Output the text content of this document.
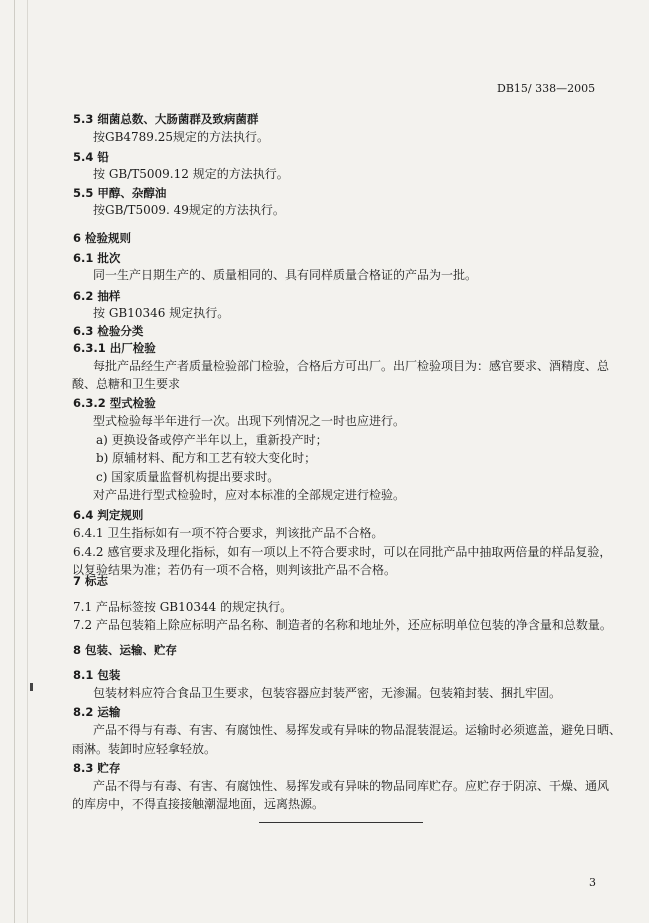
DB15/ 338—2005
5.3 细菌总数、大肠菌群及致病菌群
按GB4789.25规定的方法执行。
5.4 铅
按 GB/T5009.12 规定的方法执行。
5.5 甲醇、杂醇油
按GB/T5009. 49规定的方法执行。
6 检验规则
6.1 批次
同一生产日期生产的、质量相同的、具有同样质量合格证的产品为一批。
6.2 抽样
按 GB10346 规定执行。
6.3 检验分类
6.3.1 出厂检验
每批产品经生产者质量检验部门检验，合格后方可出厂。出厂检验项目为：感官要求、酒精度、总
酸、总糖和卫生要求
6.3.2 型式检验
型式检验每半年进行一次。出现下列情况之一时也应进行。
a) 更换设备或停产半年以上，重新投产时；
b) 原辅材料、配方和工艺有较大变化时；
c) 国家质量监督机构提出要求时。
对产品进行型式检验时，应对本标准的全部规定进行检验。
6.4 判定规则
6.4.1 卫生指标如有一项不符合要求，判该批产品不合格。
6.4.2 感官要求及理化指标，如有一项以上不符合要求时，可以在同批产品中抽取两倍量的样品复验，
以复验结果为准；若仍有一项不合格，则判该批产品不合格。
7 标志
7.1 产品标签按 GB10344 的规定执行。
7.2 产品包装箱上除应标明产品名称、制造者的名称和地址外，还应标明单位包装的净含量和总数量。
8 包装、运输、贮存
8.1 包装
包装材料应符合食品卫生要求，包装容器应封装严密，无渗漏。包装箱封装、捆扎牢固。
8.2 运输
产品不得与有毒、有害、有腐蚀性、易挥发或有异味的物品混装混运。运输时必须遮盖，避免日晒、
雨淋。装卸时应轻拿轻放。
8.3 贮存
产品不得与有毒、有害、有腐蚀性、易挥发或有异味的物品同库贮存。应贮存于阴凉、干燥、通风
的库房中，不得直接接触潮湿地面，远离热源。
3
